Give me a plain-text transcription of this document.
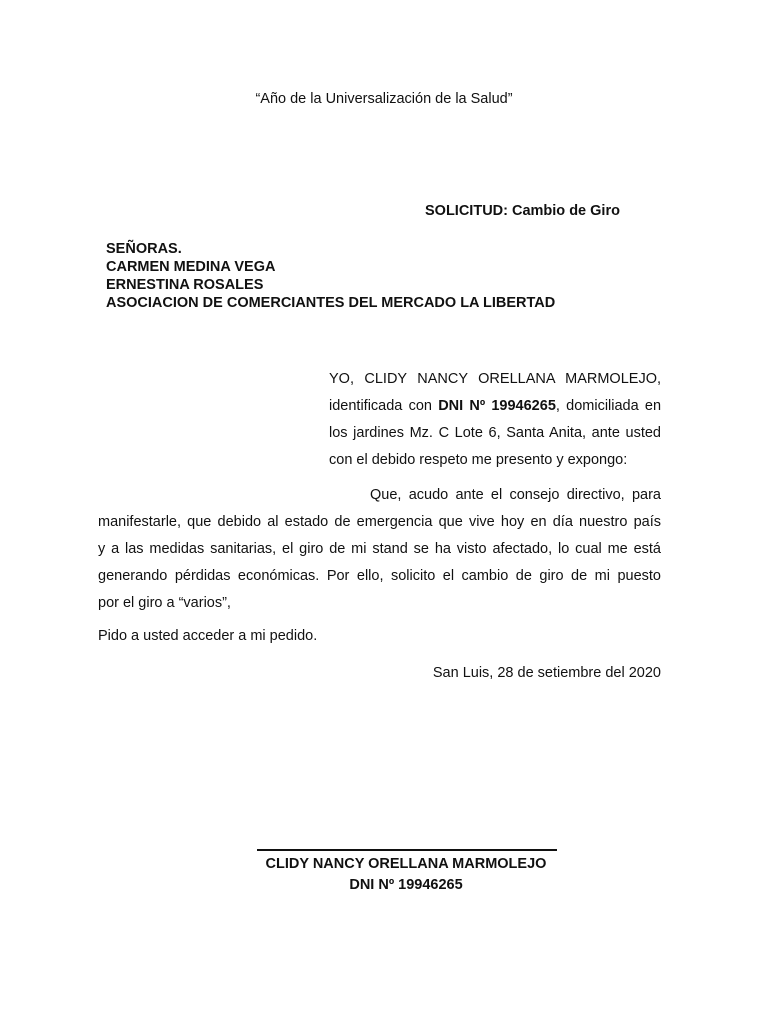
“Año de la Universalización de la Salud”
SOLICITUD: Cambio de Giro
SEÑORAS.
CARMEN MEDINA VEGA
ERNESTINA ROSALES
ASOCIACION DE COMERCIANTES DEL MERCADO LA LIBERTAD
YO, CLIDY NANCY ORELLANA MARMOLEJO,
identificada con DNI Nº 19946265, domiciliada en
los jardines Mz. C Lote 6, Santa Anita, ante usted
con el debido respeto me presento y expongo:
Que, acudo ante el consejo directivo, para
manifestarle, que debido al estado de emergencia que vive hoy en día nuestro país
y a las medidas sanitarias, el giro de mi stand se ha visto afectado, lo cual me está
generando pérdidas económicas. Por ello, solicito el cambio de giro de mi puesto
por el giro a “varios”,
Pido a usted acceder a mi pedido.
San Luis, 28 de setiembre del 2020
CLIDY NANCY ORELLANA MARMOLEJO
DNI Nº 19946265
